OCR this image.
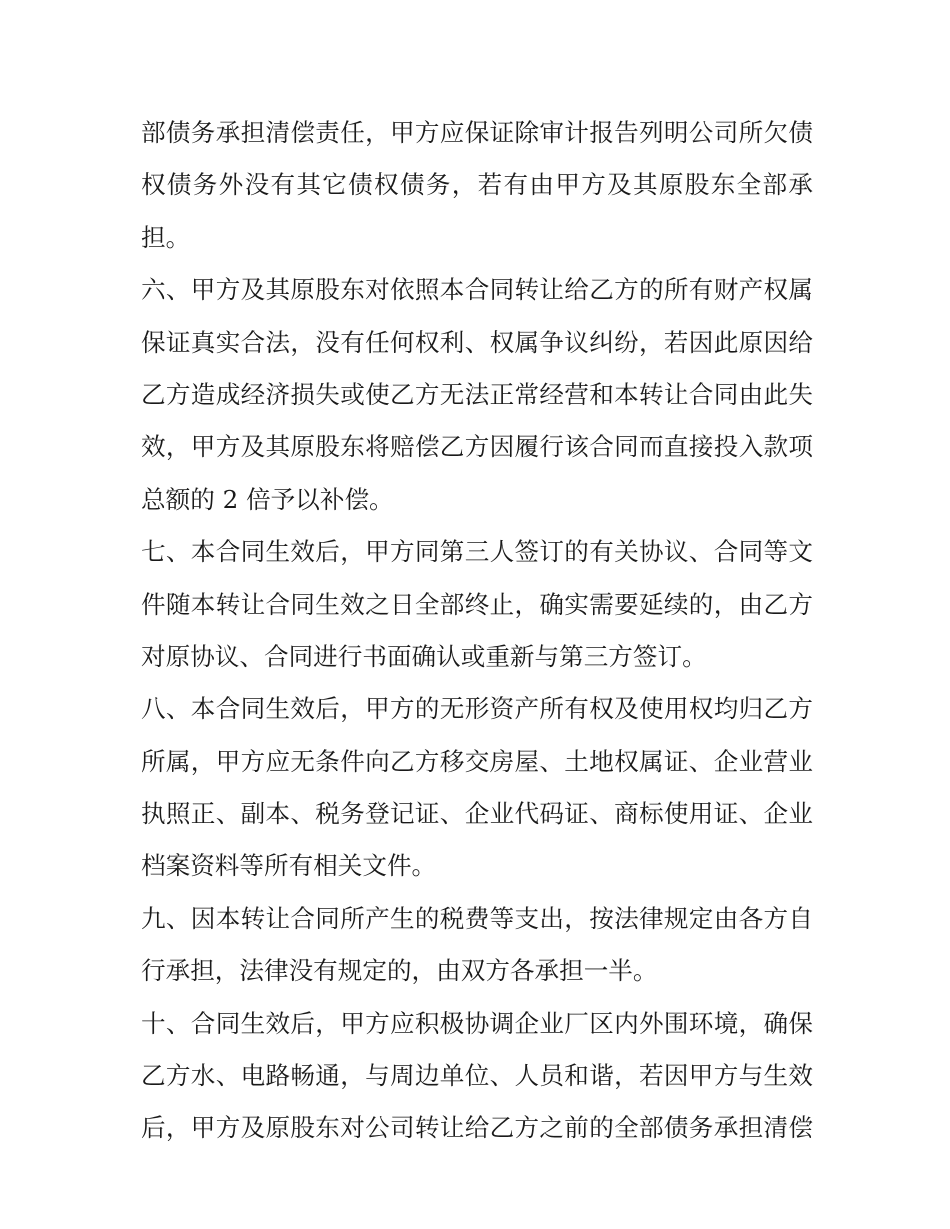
部债务承担清偿责任，甲方应保证除审计报告列明公司所欠债
权债务外没有其它债权债务，若有由甲方及其原股东全部承
担。
六、甲方及其原股东对依照本合同转让给乙方的所有财产权属
保证真实合法，没有任何权利、权属争议纠纷，若因此原因给
乙方造成经济损失或使乙方无法正常经营和本转让合同由此失
效，甲方及其原股东将赔偿乙方因履行该合同而直接投入款项
总额的 2 倍予以补偿。
七、本合同生效后，甲方同第三人签订的有关协议、合同等文
件随本转让合同生效之日全部终止，确实需要延续的，由乙方
对原协议、合同进行书面确认或重新与第三方签订。
八、本合同生效后，甲方的无形资产所有权及使用权均归乙方
所属，甲方应无条件向乙方移交房屋、土地权属证、企业营业
执照正、副本、税务登记证、企业代码证、商标使用证、企业
档案资料等所有相关文件。
九、因本转让合同所产生的税费等支出，按法律规定由各方自
行承担，法律没有规定的，由双方各承担一半。
十、合同生效后，甲方应积极协调企业厂区内外围环境，确保
乙方水、电路畅通，与周边单位、人员和谐，若因甲方与生效
后，甲方及原股东对公司转让给乙方之前的全部债务承担清偿
